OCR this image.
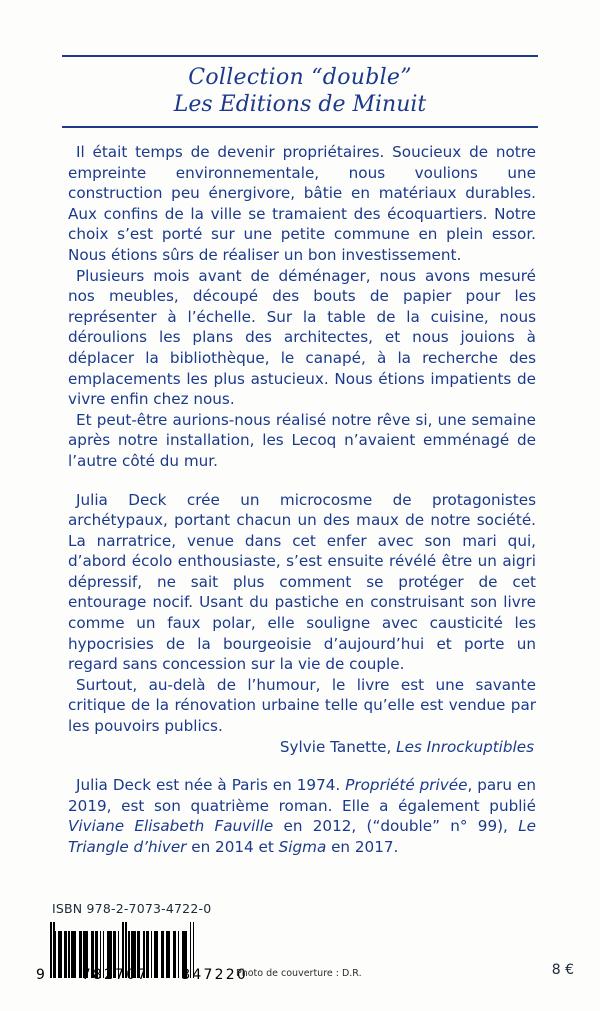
Collection “double”
Les Editions de Minuit

Il était temps de devenir propriétaires. Soucieux de notre empreinte environnementale, nous voulions une construction peu énergivore, bâtie en matériaux durables. Aux confins de la ville se tramaient des écoquartiers. Notre choix s’est porté sur une petite commune en plein essor. Nous étions sûrs de réaliser un bon investissement.

Plusieurs mois avant de déménager, nous avons mesuré nos meubles, découpé des bouts de papier pour les représenter à l’échelle. Sur la table de la cuisine, nous déroulions les plans des architectes, et nous jouions à déplacer la bibliothèque, le canapé, à la recherche des emplacements les plus astucieux. Nous étions impatients de vivre enfin chez nous.

Et peut-être aurions-nous réalisé notre rêve si, une semaine après notre installation, les Lecoq n’avaient emménagé de l’autre côté du mur.

Julia Deck crée un microcosme de protagonistes archétypaux, portant chacun un des maux de notre société. La narratrice, venue dans cet enfer avec son mari qui, d’abord écolo enthousiaste, s’est ensuite révélé être un aigri dépressif, ne sait plus comment se protéger de cet entourage nocif. Usant du pastiche en construisant son livre comme un faux polar, elle souligne avec causticité les hypocrisies de la bourgeoisie d’aujourd’hui et porte un regard sans concession sur la vie de couple.

Surtout, au-delà de l’humour, le livre est une savante critique de la rénovation urbaine telle qu’elle est vendue par les pouvoirs publics.

Sylvie Tanette, Les Inrockuptibles

Julia Deck est née à Paris en 1974. Propriété privée, paru en 2019, est son quatrième roman. Elle a également publié Viviane Elisabeth Fauville en 2012, (“double” n° 99), Le Triangle d’hiver en 2014 et Sigma en 2017.

ISBN 978-2-7073-4722-0
9	782707 347220
Photo de couverture : D.R.	8 €
